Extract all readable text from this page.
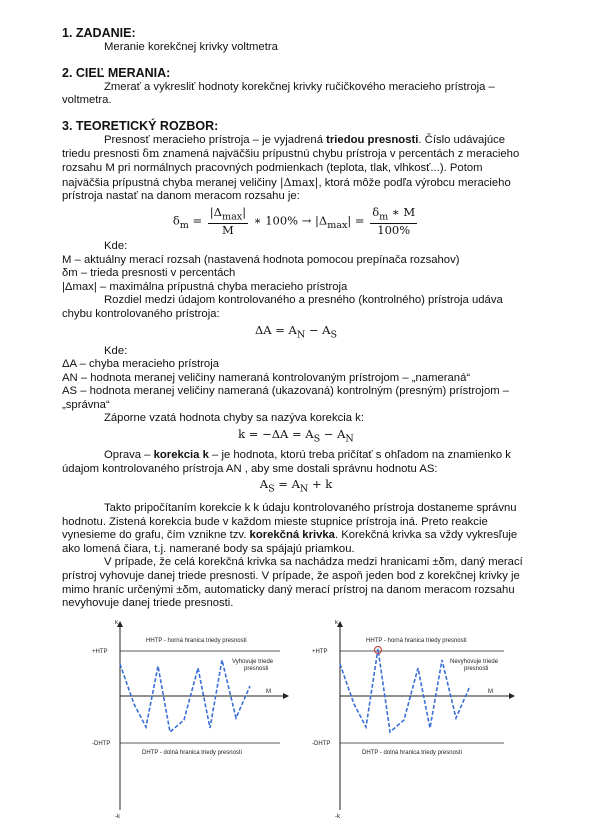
1. ZADANIE:

Meranie korekčnej krivky voltmetra

2. CIEĽ MERANIA:

Zmerať a vykresliť hodnoty korekčnej krivky ručičkového meracieho prístroja – voltmetra.

3. TEORETICKÝ ROZBOR:

Presnosť meracieho prístroja – je vyjadrená triedou presnosti. Číslo udávajúce triedu presnosti δm znamená najväčšiu prípustnú chybu prístroja v percentách z meracieho rozsahu M pri normálnych pracovných podmienkach (teplota, tlak, vlhkosť...). Potom najväčšia prípustná chyba meranej veličiny |Δmax|, ktorá môže podľa výrobcu meracieho prístroja nastať na danom meracom rozsahu je:

$\delta_m = \frac{|\Delta_{max}|}{M}$ ∗ $100\% \to |\Delta_{max}| = \frac{\delta_m ∗ M}{100\%}$

Kde:

M – aktuálny merací rozsah (nastavená hodnota pomocou prepínača rozsahov)

δm – trieda presnosti v percentách

|Δmax| – maximálna prípustná chyba meracieho prístroja

Rozdiel medzi údajom kontrolovaného a presného (kontrolného) prístroja udáva chybu kontrolovaného prístroja:

$\Delta A = A_N - A_S$

Kde:

ΔA – chyba meracieho prístroja

AN – hodnota meranej veličiny nameraná kontrolovaným prístrojom – „nameraná“

AS – hodnota meranej veličiny nameraná (ukazovaná) kontrolným (presným) prístrojom – „správna“

Záporne vzatá hodnota chyby sa nazýva korekcia k:

$k = -\Delta A = A_S - A_N$

Oprava – korekcia k – je hodnota, ktorú treba pričítať s ohľadom na znamienko k údajom kontrolovaného prístroja AN , aby sme dostali správnu hodnotu AS:

$A_S = A_N + k$

Takto pripočítaním korekcie k k údaju kontrolovaného prístroja dostaneme správnu hodnotu. Zistená korekcia bude v každom mieste stupnice prístroja iná. Preto reakcie vynesieme do grafu, čím vznikne tzv. korekčná krivka. Korekčná krivka sa vždy vykresľuje ako lomená čiara, t.j. namerané body sa spájajú priamkou.

V prípade, že celá korekčná krivka sa nachádza medzi hranicami ±δm, daný merací prístroj vyhovuje danej triede presnosti. V prípade, že aspoň jeden bod z korekčnej krivky je mimo hraníc určenými ±δm, automaticky daný merací prístroj na danom meracom rozsahu nevyhovuje danej triede presnosti.

k
-k
+HTP
-DHTP
HHTP - horná hranica triedy presnosti
DHTP - dolná hranica triedy presnosti
Vyhovuje triede
presnosti
M
k
-k
+HTP
-DHTP
HHTP - horná hranica triedy presnosti
DHTP - dolná hranica triedy presnosti
Nevyhovuje triede
presnosti
M
